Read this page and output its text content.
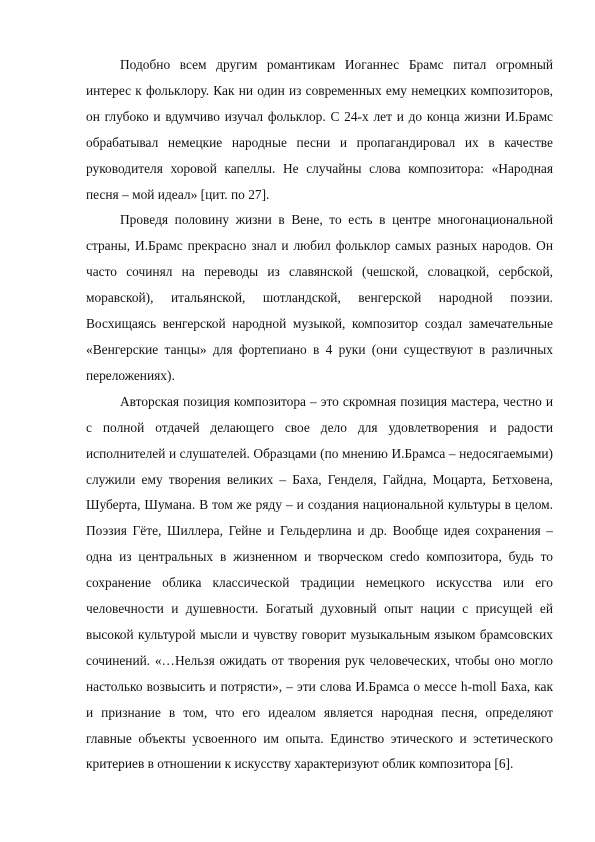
Подобно всем другим романтикам Иоганнес Брамс питал огромный интерес к фольклору. Как ни один из современных ему немецких композиторов, он глубоко и вдумчиво изучал фольклор. С 24-х лет и до конца жизни И.Брамс обрабатывал немецкие народные песни и пропагандировал их в качестве руководителя хоровой капеллы. Не случайны слова композитора: «Народная песня – мой идеал» [цит. по 27].

Проведя половину жизни в Вене, то есть в центре многонациональной страны, И.Брамс прекрасно знал и любил фольклор самых разных народов. Он часто сочинял на переводы из славянской (чешской, словацкой, сербской, моравской), итальянской, шотландской, венгерской народной поэзии. Восхищаясь венгерской народной музыкой, композитор создал замечательные «Венгерские танцы» для фортепиано в 4 руки (они существуют в различных переложениях).

Авторская позиция композитора – это скромная позиция мастера, честно и с полной отдачей делающего свое дело для удовлетворения и радости исполнителей и слушателей. Образцами (по мнению И.Брамса – недосягаемыми) служили ему творения великих – Баха, Генделя, Гайдна, Моцарта, Бетховена, Шуберта, Шумана. В том же ряду – и создания национальной культуры в целом. Поэзия Гёте, Шиллера, Гейне и Гельдерлина и др. Вообще идея сохранения – одна из центральных в жизненном и творческом credo композитора, будь то сохранение облика классической традиции немецкого искусства или его человечности и душевности. Богатый духовный опыт нации с присущей ей высокой культурой мысли и чувству говорит музыкальным языком брамсовских сочинений. «…Нельзя ожидать от творения рук человеческих, чтобы оно могло настолько возвысить и потрясти», – эти слова И.Брамса о мессе h-moll Баха, как и признание в том, что его идеалом является народная песня, определяют главные объекты усвоенного им опыта. Единство этического и эстетического критериев в отношении к искусству характеризуют облик композитора [6].
